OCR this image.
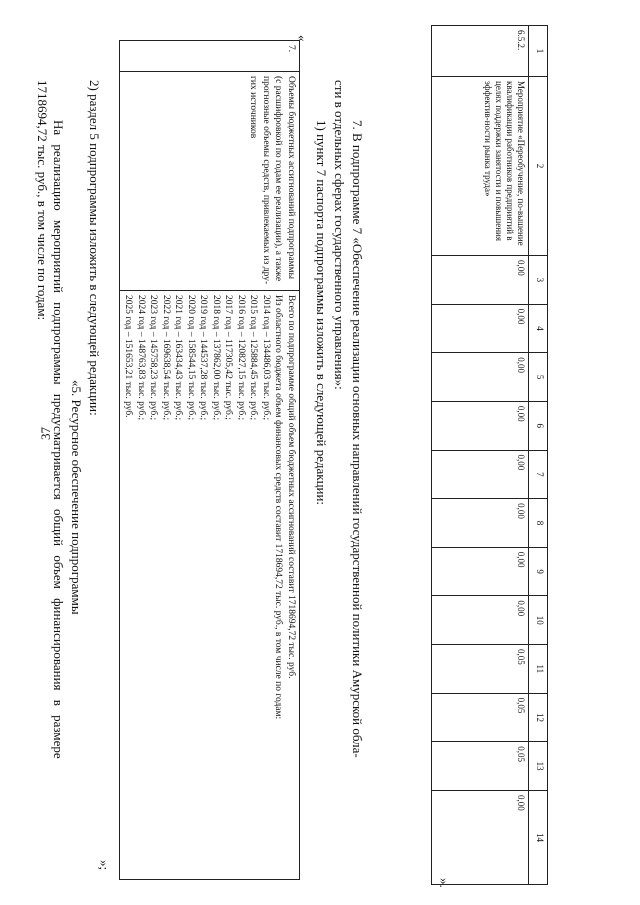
37
1	2	3	4	5	6	7	8	9	10	11	12	13	14
6.5.2.	Мероприятие «Переобучение, по-вышение квалификации работников предприятий в целях поддержки занятости и повышения эффектив-ности рынка труда»	0,00	0,00	0,00	0,00	0,00	0,00	0,00	0,00	0,05	0,05	0,05	0,00
».
7. В подпрограмме 7 «Обеспечение реализации основных направлений государственной политики Амурской обла-
сти в отдельных сферах государственного управления»:
1) пункт 7 паспорта подпрограммы изложить в следующей редакции:
«
7.	Объемы бюджетных ассигнований подпрограммы (с расшифровкой по годам ее реализации), а также прогнозные объемы средств, привлекаемых из дру-гих источников	
Всего по подпрограмме общий объем бюджетных ассигнований составит 1718694,72 тыс. руб.
Из областного бюджета объем финансовых средств составит 1718694,72 тыс. руб., в том числе по годам:
2014 год – 134486,03 тыс. руб.;
2015 год – 125884,45 тыс. руб.;
2016 год – 120827,15 тыс. руб.;
2017 год – 117305,42 тыс. руб.;
2018 год – 137862,00 тыс. руб.;
2019 год – 144537,28 тыс. руб.;
2020 год – 158544,15 тыс. руб.;
2021 год – 163434,43 тыс. руб.;
2022 год – 169638,54 тыс. руб.;
2023 год – 145758,23 тыс. руб.;
2024 год – 148763,83 тыс. руб.;
2025 год – 151653,21 тыс. руб.
»;
2) раздел 5 подпрограммы изложить в следующей редакции:
«5. Ресурсное обеспечение подпрограммы
На реализацию мероприятий подпрограммы предусматривается общий объем финансирования в размере
1718694,72 тыс. руб., в том числе по годам:
